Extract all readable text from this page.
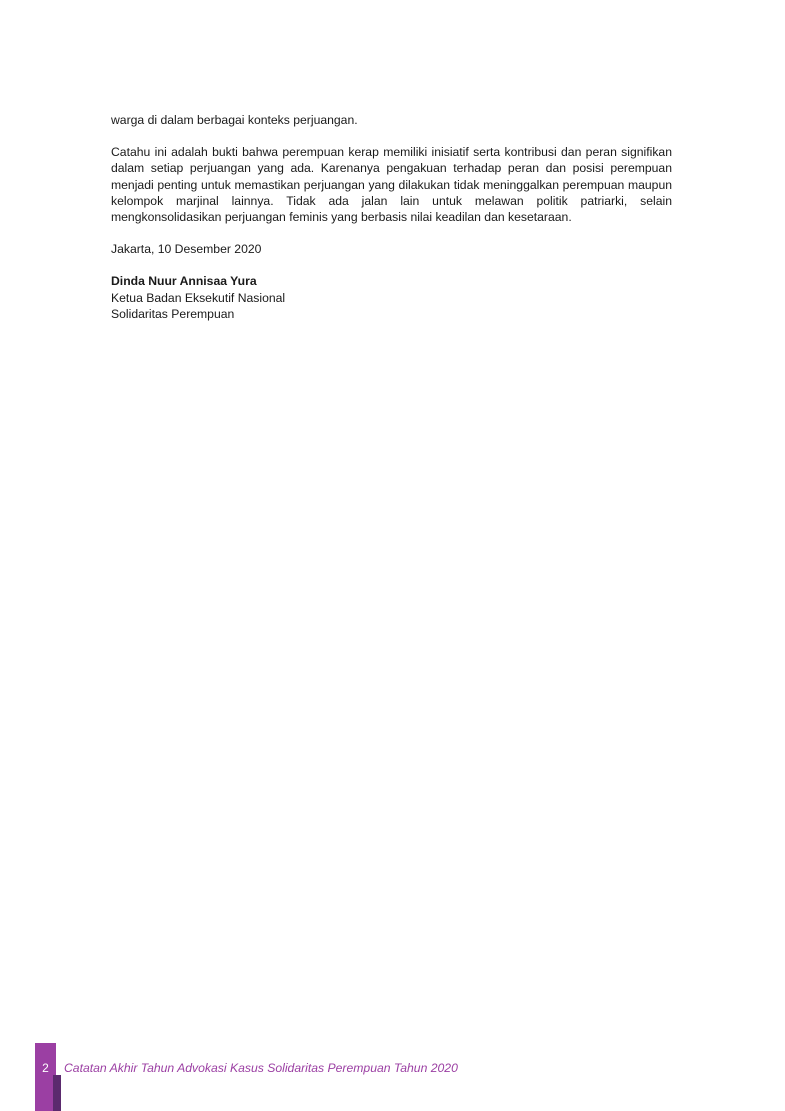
warga di dalam berbagai konteks perjuangan.

Catahu ini adalah bukti bahwa perempuan kerap memiliki inisiatif serta kontribusi dan peran signifikan dalam setiap perjuangan yang ada. Karenanya pengakuan terhadap peran dan posisi perempuan menjadi penting untuk memastikan perjuangan yang dilakukan tidak meninggalkan perempuan maupun kelompok marjinal lainnya. Tidak ada jalan lain untuk melawan politik patriarki, selain mengkonsolidasikan perjuangan feminis yang berbasis nilai keadilan dan kesetaraan.

Jakarta, 10 Desember 2020

Dinda Nuur Annisaa Yura

Ketua Badan Eksekutif Nasional

Solidaritas Perempuan

2	Catatan Akhir Tahun Advokasi Kasus Solidaritas Perempuan Tahun 2020
